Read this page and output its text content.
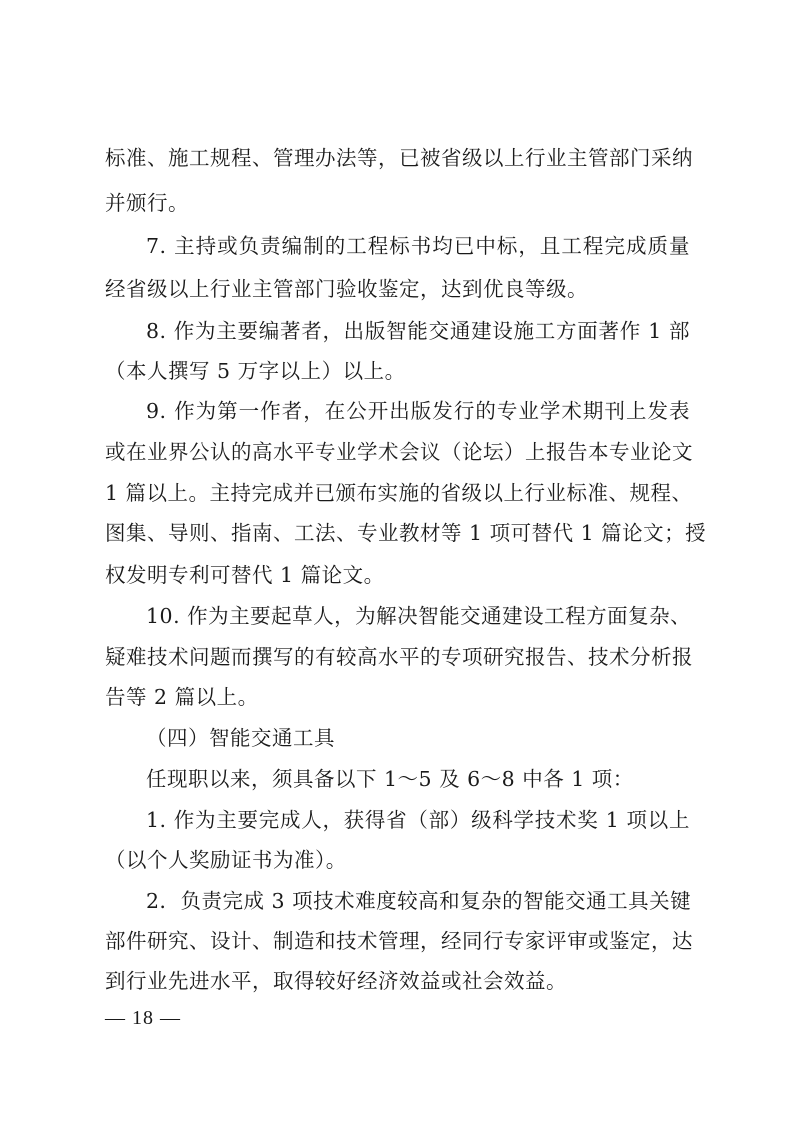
标准、施工规程、管理办法等，已被省级以上行业主管部门采纳
并颁行。
7. 主持或负责编制的工程标书均已中标，且工程完成质量
经省级以上行业主管部门验收鉴定，达到优良等级。
8. 作为主要编著者，出版智能交通建设施工方面著作 1 部
（本人撰写 5 万字以上）以上。
9. 作为第一作者，在公开出版发行的专业学术期刊上发表
或在业界公认的高水平专业学术会议（论坛）上报告本专业论文
1 篇以上。主持完成并已颁布实施的省级以上行业标准、规程、
图集、导则、指南、工法、专业教材等 1 项可替代 1 篇论文；授
权发明专利可替代 1 篇论文。
10. 作为主要起草人，为解决智能交通建设工程方面复杂、
疑难技术问题而撰写的有较高水平的专项研究报告、技术分析报
告等 2 篇以上。
（四）智能交通工具
任现职以来，须具备以下 1～5 及 6～8 中各 1 项：
1. 作为主要完成人，获得省（部）级科学技术奖 1 项以上
（以个人奖励证书为准）。
2．负责完成 3 项技术难度较高和复杂的智能交通工具关键
部件研究、设计、制造和技术管理，经同行专家评审或鉴定，达
到行业先进水平，取得较好经济效益或社会效益。
— 18 —
